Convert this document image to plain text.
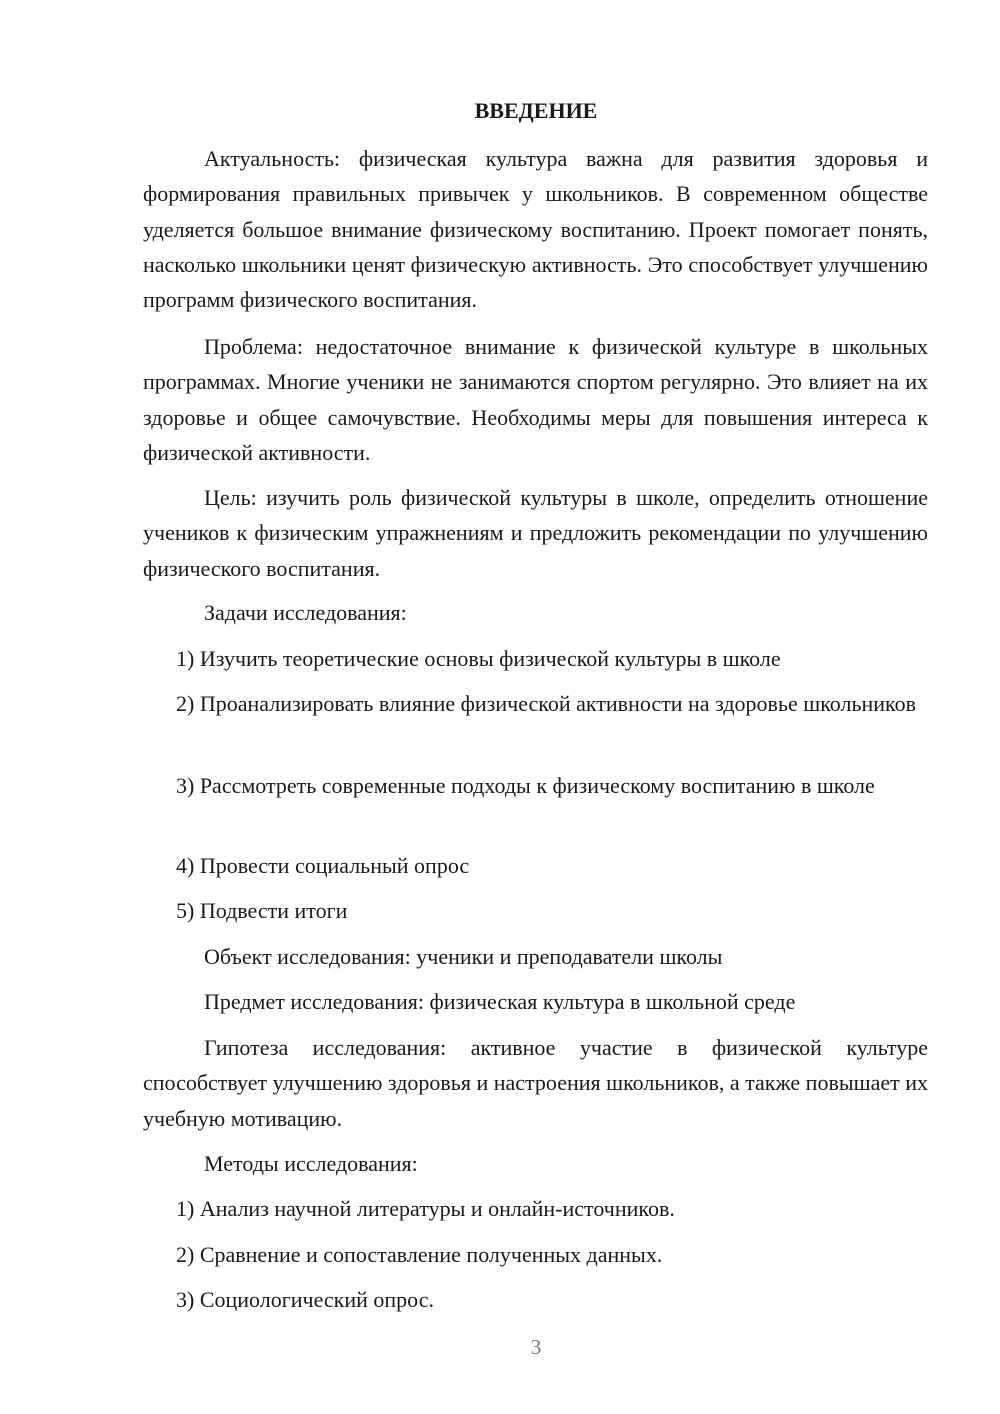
ВВЕДЕНИЕ

Актуальность: физическая культура важна для развития здоровья и формирования правильных привычек у школьников. В современном обществе уделяется большое внимание физическому воспитанию. Проект помогает понять, насколько школьники ценят физическую активность. Это способствует улучшению программ физического воспитания.

Проблема: недостаточное внимание к физической культуре в школьных программах. Многие ученики не занимаются спортом регулярно. Это влияет на их здоровье и общее самочувствие. Необходимы меры для повышения интереса к физической активности.

Цель: изучить роль физической культуры в школе, определить отношение учеников к физическим упражнениям и предложить рекомендации по улучшению физического воспитания.

Задачи исследования:

1) Изучить теоретические основы физической культуры в школе

2) Проанализировать влияние физической активности на здоровье школьников

3) Рассмотреть современные подходы к физическому воспитанию в школе

4) Провести социальный опрос

5) Подвести итоги

Объект исследования: ученики и преподаватели школы

Предмет исследования: физическая культура в школьной среде

Гипотеза исследования: активное участие в физической культуре способствует улучшению здоровья и настроения школьников, а также повышает их учебную мотивацию.

Методы исследования:

1) Анализ научной литературы и онлайн-источников.

2) Сравнение и сопоставление полученных данных.

3) Социологический опрос.

3
